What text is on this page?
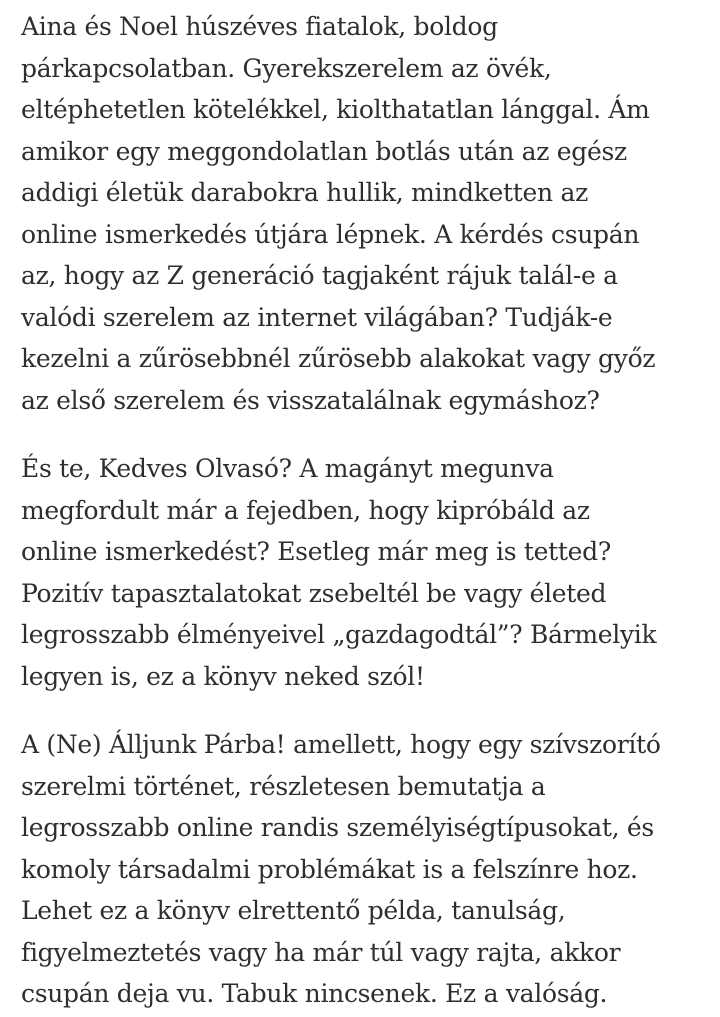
Aina és Noel húszéves fiatalok, boldog
párkapcsolatban. Gyerekszerelem az övék,
eltéphetetlen kötelékkel, kiolthatatlan lánggal. Ám
amikor egy meggondolatlan botlás után az egész
addigi életük darabokra hullik, mindketten az
online ismerkedés útjára lépnek. A kérdés csupán
az, hogy az Z generáció tagjaként rájuk talál-e a
valódi szerelem az internet világában? Tudják-e
kezelni a zűrösebbnél zűrösebb alakokat vagy győz
az első szerelem és visszatalálnak egymáshoz?
És te, Kedves Olvasó? A magányt megunva
megfordult már a fejedben, hogy kipróbáld az
online ismerkedést? Esetleg már meg is tetted?
Pozitív tapasztalatokat zsebeltél be vagy életed
legrosszabb élményeivel „gazdagodtál”? Bármelyik
legyen is, ez a könyv neked szól!
A (Ne) Álljunk Párba! amellett, hogy egy szívszorító
szerelmi történet, részletesen bemutatja a
legrosszabb online randis személyiségtípusokat, és
komoly társadalmi problémákat is a felszínre hoz.
Lehet ez a könyv elrettentő példa, tanulság,
figyelmeztetés vagy ha már túl vagy rajta, akkor
csupán deja vu. Tabuk nincsenek. Ez a valóság.
